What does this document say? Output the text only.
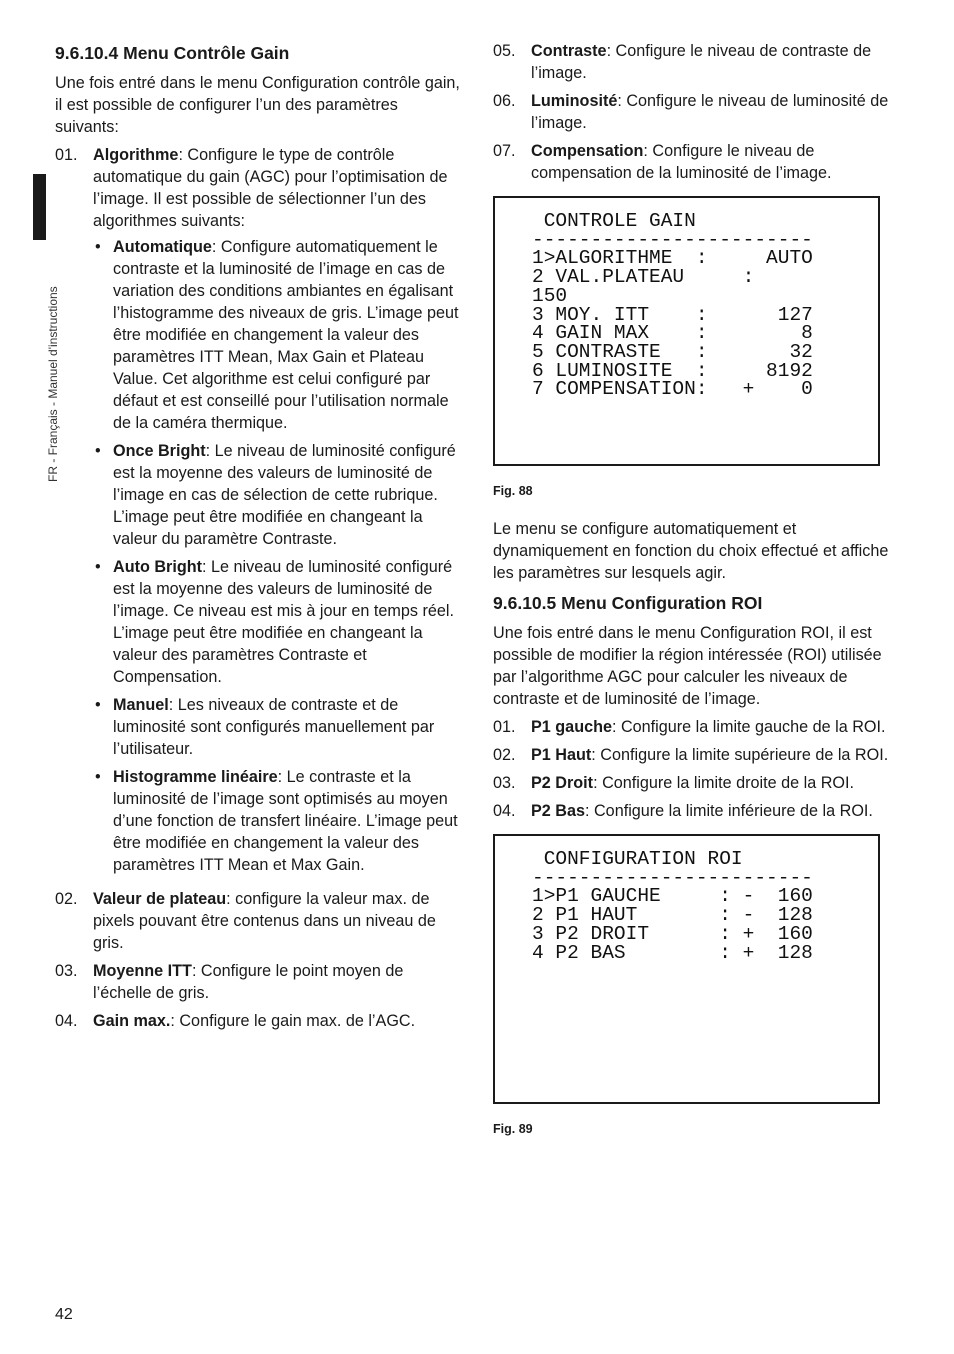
FR - Français - Manuel d'instructions
9.6.10.4 Menu Contrôle Gain

Une fois entré dans le menu Configuration contrôle gain, il est possible de configurer l’un des paramètres suivants:

01. Algorithme: Configure le type de contrôle automatique du gain (AGC) pour l’optimisation de l’image. Il est possible de sélectionner l’un des algorithmes suivants:
• Automatique: Configure automatiquement le contraste et la luminosité de l’image en cas de variation des conditions ambiantes en égalisant l’histogramme des niveaux de gris. L’image peut être modifiée en changement la valeur des paramètres ITT Mean, Max Gain et Plateau Value. Cet algorithme est celui configuré par défaut et est conseillé pour l’utilisation normale de la caméra thermique.
• Once Bright: Le niveau de luminosité configuré est la moyenne des valeurs de luminosité de l’image en cas de sélection de cette rubrique. L’image peut être modifiée en changeant la valeur du paramètre Contraste.
• Auto Bright: Le niveau de luminosité configuré est la moyenne des valeurs de luminosité de l’image. Ce niveau est mis à jour en temps réel. L’image peut être modifiée en changeant la valeur des paramètres Contraste et Compensation.
• Manuel: Les niveaux de contraste et de luminosité sont configurés manuellement par l’utilisateur.
• Histogramme linéaire: Le contraste et la luminosité de l’image sont optimisés au moyen d’une fonction de transfert linéaire. L’image peut être modifiée en changement la valeur des paramètres ITT Mean et Max Gain.
02. Valeur de plateau: configure la valeur max. de pixels pouvant être contenus dans un niveau de gris.
03. Moyenne ITT: Configure le point moyen de l’échelle de gris.
04. Gain max.: Configure le gain max. de l’AGC.
05. Contraste: Configure le niveau de contraste de l’image.
06. Luminosité: Configure le niveau de luminosité de l’image.
07. Compensation: Configure le niveau de compensation de la luminosité de l’image.
CONTROLE GAIN
------------------------
1>ALGORITHME  :     AUTO
2 VAL.PLATEAU     :
150
3 MOY. ITT    :      127
4 GAIN MAX    :        8
5 CONTRASTE   :       32
6 LUMINOSITE  :     8192
7 COMPENSATION:   +    0
Fig. 88

Le menu se configure automatiquement et dynamiquement en fonction du choix effectué et affiche les paramètres sur lesquels agir.

9.6.10.5 Menu Configuration ROI

Une fois entré dans le menu Configuration ROI, il est possible de modifier la région intéressée (ROI) utilisée par l’algorithme AGC pour calculer les niveaux de contraste et de luminosité de l’image.

01. P1 gauche: Configure la limite gauche de la ROI.
02. P1 Haut: Configure la limite supérieure de la ROI.
03. P2 Droit: Configure la limite droite de la ROI.
04. P2 Bas: Configure la limite inférieure de la ROI.
CONFIGURATION ROI
------------------------
1>P1 GAUCHE     : -  160
2 P1 HAUT       : -  128
3 P2 DROIT      : +  160
4 P2 BAS        : +  128
Fig. 89
42
